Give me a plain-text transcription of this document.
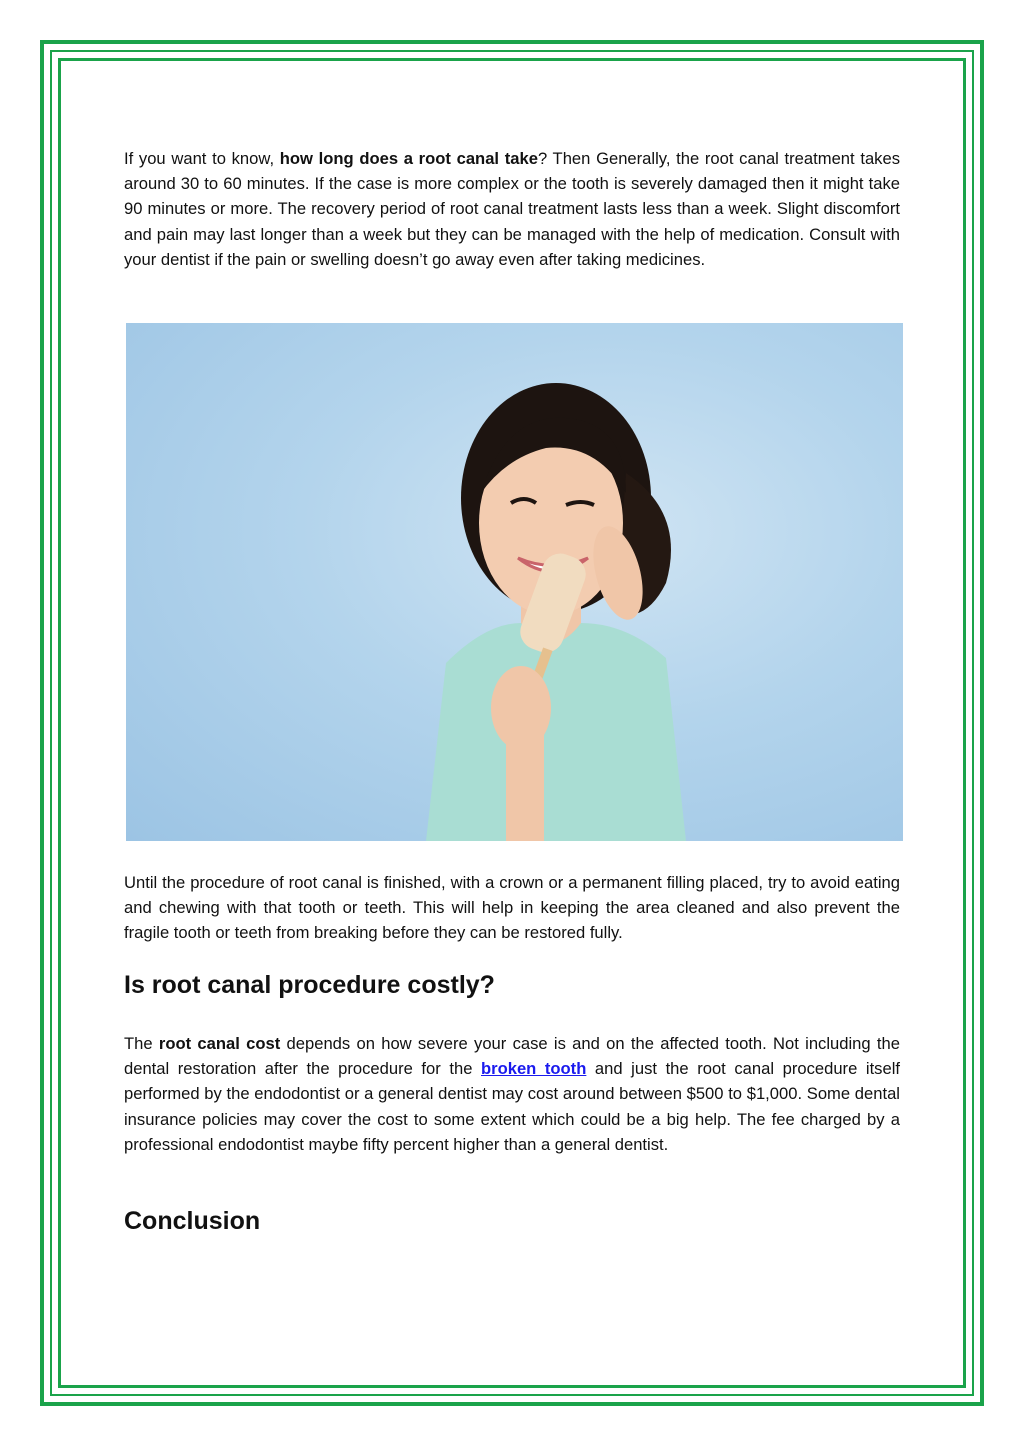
If you want to know, how long does a root canal take? Then Generally, the root canal treatment takes around 30 to 60 minutes. If the case is more complex or the tooth is severely damaged then it might take 90 minutes or more. The recovery period of root canal treatment lasts less than a week. Slight discomfort and pain may last longer than a week but they can be managed with the help of medication. Consult with your dentist if the pain or swelling doesn’t go away even after taking medicines.

Until the procedure of root canal is finished, with a crown or a permanent filling placed, try to avoid eating and chewing with that tooth or teeth. This will help in keeping the area cleaned and also prevent the fragile tooth or teeth from breaking before they can be restored fully.

Is root canal procedure costly?

The root canal cost depends on how severe your case is and on the affected tooth. Not including the dental restoration after the procedure for the broken tooth and just the root canal procedure itself performed by the endodontist or a general dentist may cost around between $500 to $1,000. Some dental insurance policies may cover the cost to some extent which could be a big help. The fee charged by a professional endodontist maybe fifty percent higher than a general dentist.

Conclusion
